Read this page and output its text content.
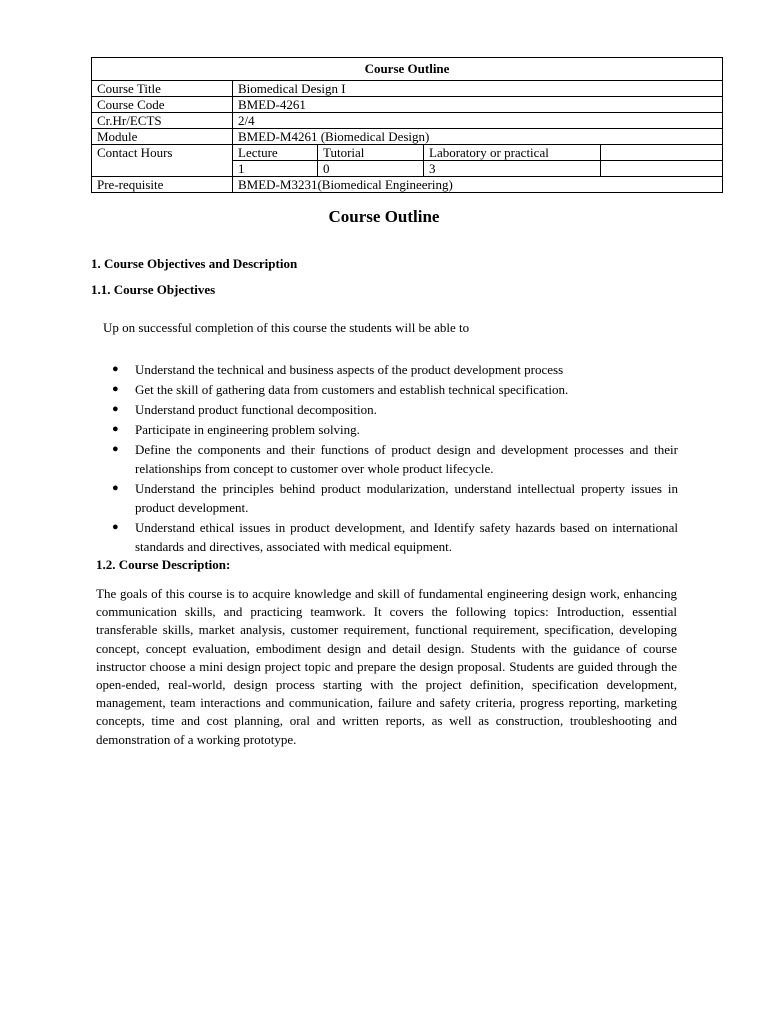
Course Outline				
Course Title	Biomedical Design I			
Course Code	BMED-4261			
Cr.Hr/ECTS	2/4			
Module	BMED-M4261 (Biomedical Design)			
Contact Hours	Lecture	Tutorial	Laboratory or practical	
	1	0	3	
Pre-requisite	BMED-M3231(Biomedical Engineering)			
Course Outline
1. Course Objectives and Description
1.1. Course Objectives
Up on successful completion of this course the students will be able to
● Understand the technical and business aspects of the product development process
● Get the skill of gathering data from customers and establish technical specification.
● Understand product functional decomposition.
● Participate in engineering problem solving.
● Define the components and their functions of product design and development processes and their relationships from concept to customer over whole product lifecycle.
● Understand the principles behind product modularization, understand intellectual property issues in product development.
● Understand ethical issues in product development, and Identify safety hazards based on international standards and directives, associated with medical equipment.
1.2. Course Description:
The goals of this course is to acquire knowledge and skill of fundamental engineering design work, enhancing communication skills, and practicing teamwork. It covers the following topics: Introduction, essential transferable skills, market analysis, customer requirement, functional requirement, specification, developing concept, concept evaluation, embodiment design and detail design. Students with the guidance of course instructor choose a mini design project topic and prepare the design proposal. Students are guided through the open-ended, real-world, design process starting with the project definition, specification development, management, team interactions and communication, failure and safety criteria, progress reporting, marketing concepts, time and cost planning, oral and written reports, as well as construction, troubleshooting and demonstration of a working prototype.
